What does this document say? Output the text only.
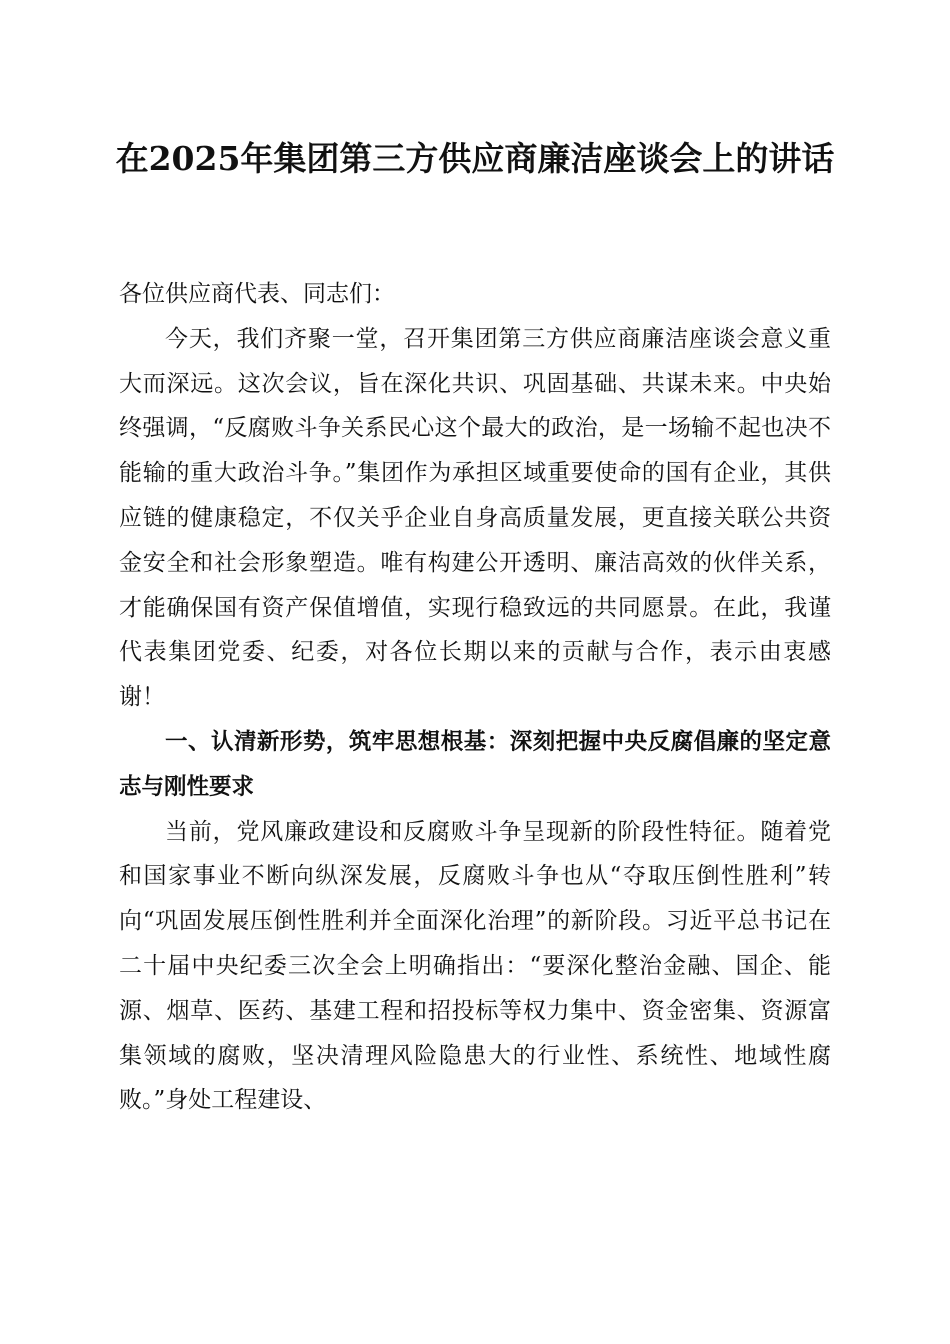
在2025年集团第三方供应商廉洁座谈会上的讲话

各位供应商代表、同志们：

今天，我们齐聚一堂，召开集团第三方供应商廉洁座谈会意义重大而深远。这次会议，旨在深化共识、巩固基础、共谋未来。中央始终强调，“反腐败斗争关系民心这个最大的政治，是一场输不起也决不能输的重大政治斗争。”集团作为承担区域重要使命的国有企业，其供应链的健康稳定，不仅关乎企业自身高质量发展，更直接关联公共资金安全和社会形象塑造。唯有构建公开透明、廉洁高效的伙伴关系，才能确保国有资产保值增值，实现行稳致远的共同愿景。在此，我谨代表集团党委、纪委，对各位长期以来的贡献与合作，表示由衷感谢！

一、认清新形势，筑牢思想根基：深刻把握中央反腐倡廉的坚定意志与刚性要求

当前，党风廉政建设和反腐败斗争呈现新的阶段性特征。随着党和国家事业不断向纵深发展，反腐败斗争也从“夺取压倒性胜利”转向“巩固发展压倒性胜利并全面深化治理”的新阶段。习近平总书记在二十届中央纪委三次全会上明确指出：“要深化整治金融、国企、能源、烟草、医药、基建工程和招投标等权力集中、资金密集、资源富集领域的腐败，坚决清理风险隐患大的行业性、系统性、地域性腐败。”身处工程建设、
